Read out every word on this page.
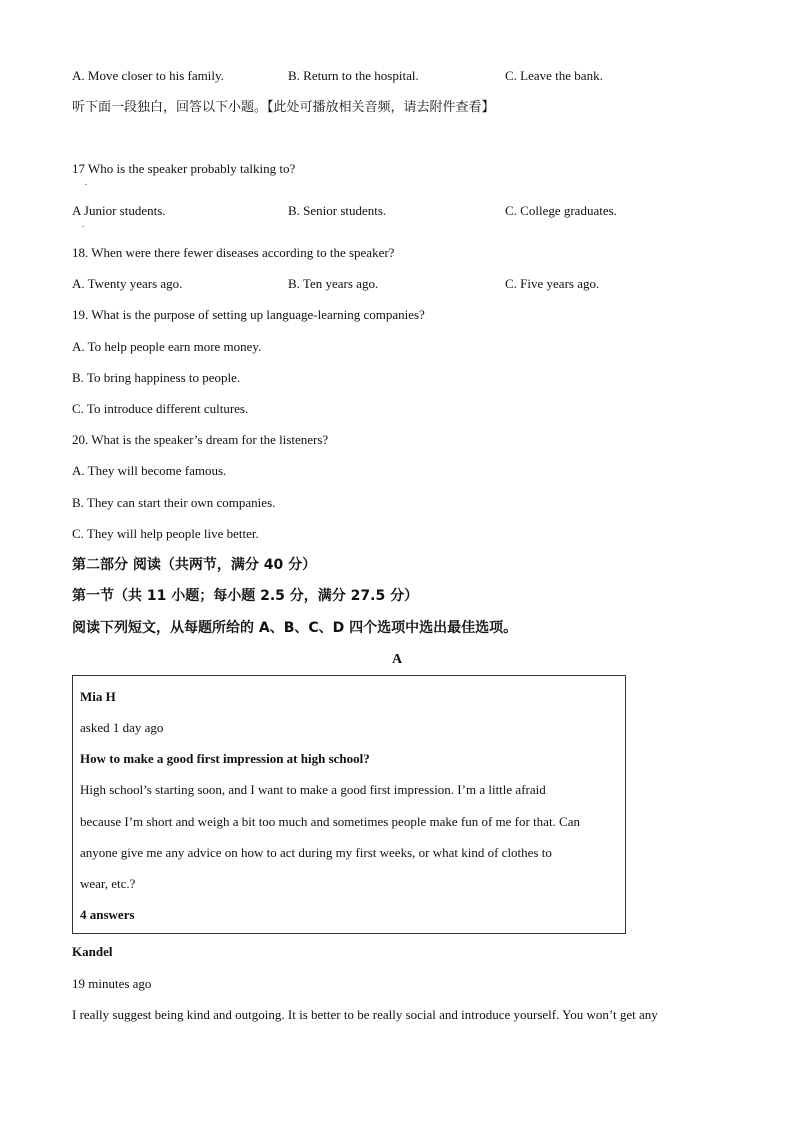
A. Move closer to his family.	B. Return to the hospital.	C. Leave the bank.
听下面一段独白，回答以下小题。【此处可播放相关音频，请去附件查看】
17 Who is the speaker probably talking to?
.
A Junior students.	B. Senior students.	C. College graduates.
.
18. When were there fewer diseases according to the speaker?
A. Twenty years ago.	B. Ten years ago.	C. Five years ago.
19. What is the purpose of setting up language-learning companies?
A. To help people earn more money.
B. To bring happiness to people.
C. To introduce different cultures.
20. What is the speaker’s dream for the listeners?
A. They will become famous.
B. They can start their own companies.
C. They will help people live better.
第二部分 阅读（共两节，满分 40 分）
第一节（共 11 小题；每小题 2.5 分，满分 27.5 分）
阅读下列短文，从每题所给的 A、B、C、D 四个选项中选出最佳选项。
A
Mia H
asked 1 day ago
How to make a good first impression at high school?
High school’s starting soon, and I want to make a good first impression. I’m a little afraid
because I’m short and weigh a bit too much and sometimes people make fun of me for that. Can
anyone give me any advice on how to act during my first weeks, or what kind of clothes to
wear, etc.?
4 answers
Kandel
19 minutes ago
I really suggest being kind and outgoing. It is better to be really social and introduce yourself. You won’t get any
